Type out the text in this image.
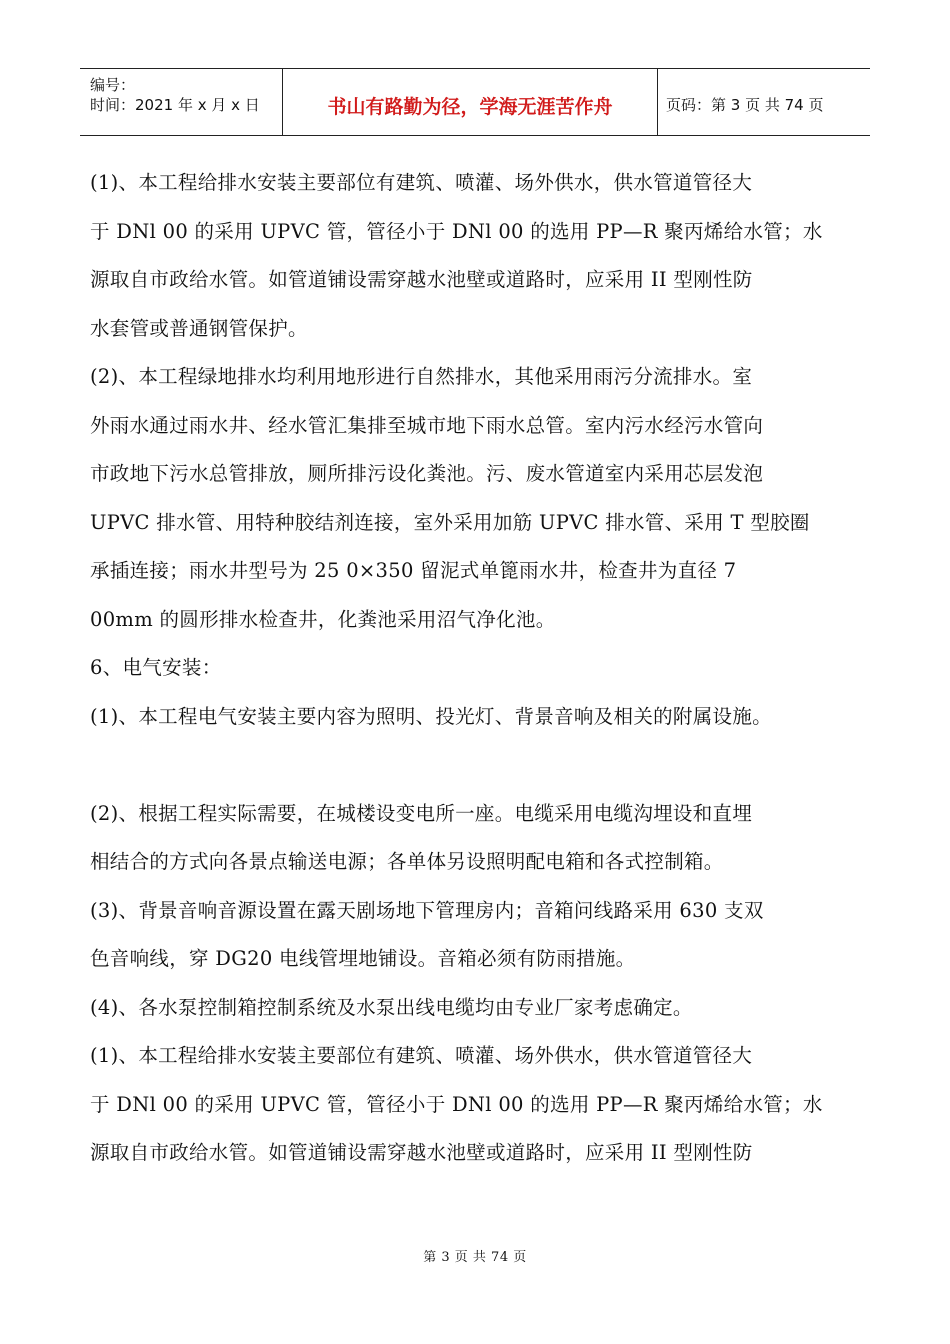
编号：
时间：2021 年 x 月 x 日	书山有路勤为径，学海无涯苦作舟	页码：第 3 页 共 74 页
(1)、本工程给排水安装主要部位有建筑、喷灌、场外供水，供水管道管径大
于 DNl 00 的采用 UPVC 管，管径小于 DNl 00 的选用 PP—R 聚丙烯给水管；水
源取自市政给水管。如管道铺设需穿越水池壁或道路时，应采用 II 型刚性防
水套管或普通钢管保护。
(2)、本工程绿地排水均利用地形进行自然排水，其他采用雨污分流排水。室
外雨水通过雨水井、经水管汇集排至城市地下雨水总管。室内污水经污水管向
市政地下污水总管排放，厕所排污设化粪池。污、废水管道室内采用芯层发泡
UPVC 排水管、用特种胶结剂连接，室外采用加筋 UPVC 排水管、采用 T 型胶圈
承插连接；雨水井型号为 25 0×350 留泥式单篦雨水井，检查井为直径 7
00mm 的圆形排水检查井，化粪池采用沼气净化池。
6、电气安装：
(1)、本工程电气安装主要内容为照明、投光灯、背景音响及相关的附属设施。
(2)、根据工程实际需要，在城楼设变电所一座。电缆采用电缆沟埋设和直埋
相结合的方式向各景点输送电源；各单体另设照明配电箱和各式控制箱。
(3)、背景音响音源设置在露天剧场地下管理房内；音箱问线路采用 630 支双
色音响线，穿 DG20 电线管埋地铺设。音箱必须有防雨措施。
(4)、各水泵控制箱控制系统及水泵出线电缆均由专业厂家考虑确定。
(1)、本工程给排水安装主要部位有建筑、喷灌、场外供水，供水管道管径大
于 DNl 00 的采用 UPVC 管，管径小于 DNl 00 的选用 PP—R 聚丙烯给水管；水
源取自市政给水管。如管道铺设需穿越水池壁或道路时，应采用 II 型刚性防
第 3 页 共 74 页
